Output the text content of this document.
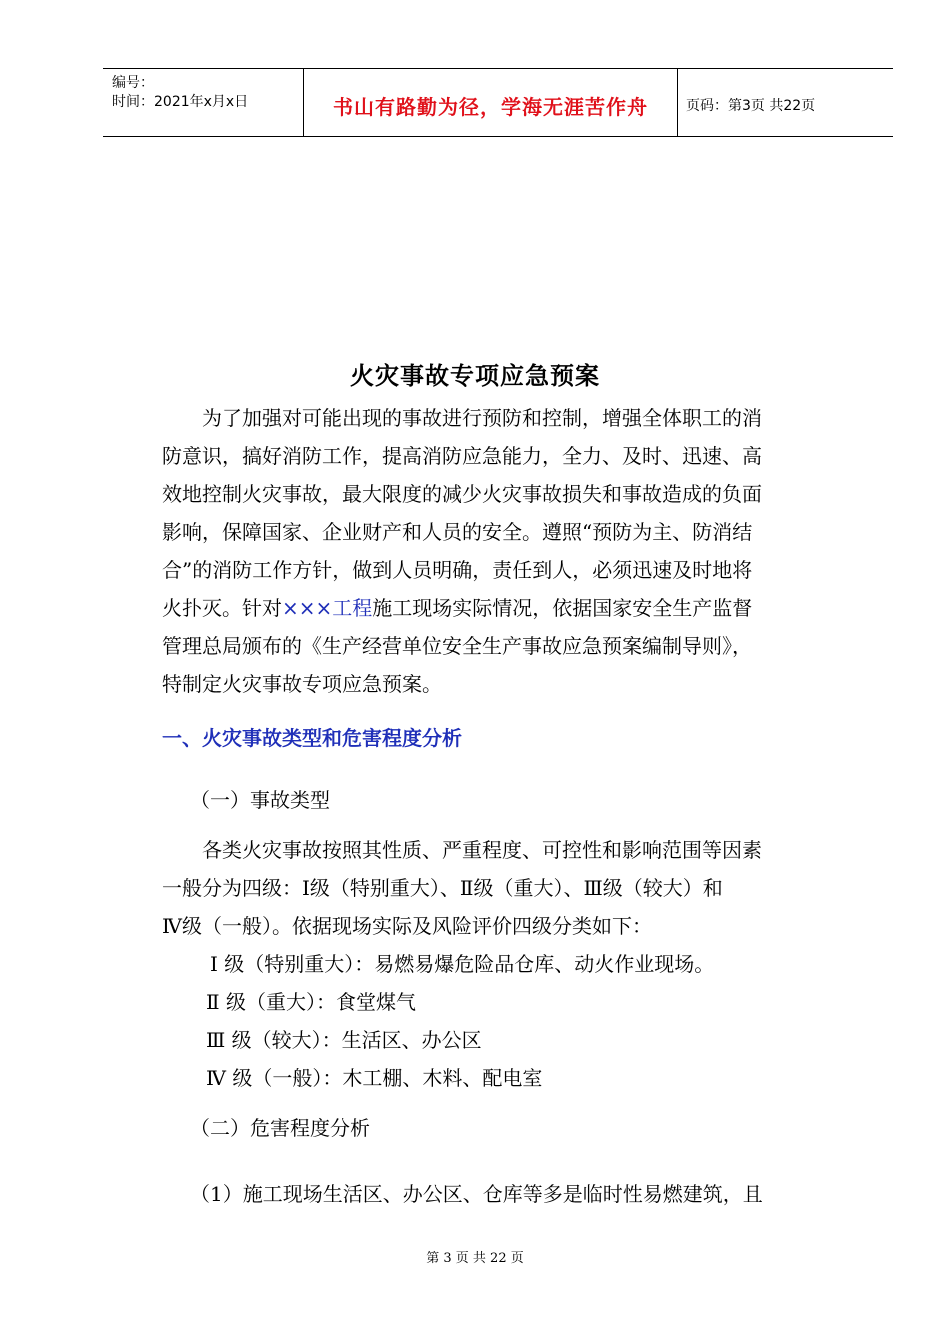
编号：
时间：2021年x月x日	书山有路勤为径，学海无涯苦作舟	页码：第3页 共22页
火灾事故专项应急预案
为了加强对可能出现的事故进行预防和控制，增强全体职工的消
防意识，搞好消防工作，提高消防应急能力，全力、及时、迅速、高
效地控制火灾事故，最大限度的减少火灾事故损失和事故造成的负面
影响，保障国家、企业财产和人员的安全。遵照“预防为主、防消结
合”的消防工作方针，做到人员明确，责任到人，必须迅速及时地将
火扑灭。针对×××工程施工现场实际情况，依据国家安全生产监督
管理总局颁布的《生产经营单位安全生产事故应急预案编制导则》，
特制定火灾事故专项应急预案。
一、火灾事故类型和危害程度分析
（一）事故类型
各类火灾事故按照其性质、严重程度、可控性和影响范围等因素
一般分为四级：Ⅰ级（特别重大）、Ⅱ级（重大）、Ⅲ级（较大）和
Ⅳ级（一般）。依据现场实际及风险评价四级分类如下：
Ⅰ 级（特别重大）：易燃易爆危险品仓库、动火作业现场。
Ⅱ 级（重大）：食堂煤气
Ⅲ 级（较大）：生活区、办公区
Ⅳ 级（一般）：木工棚、木料、配电室
（二）危害程度分析
（1）施工现场生活区、办公区、仓库等多是临时性易燃建筑，且
第 3 页 共 22 页
